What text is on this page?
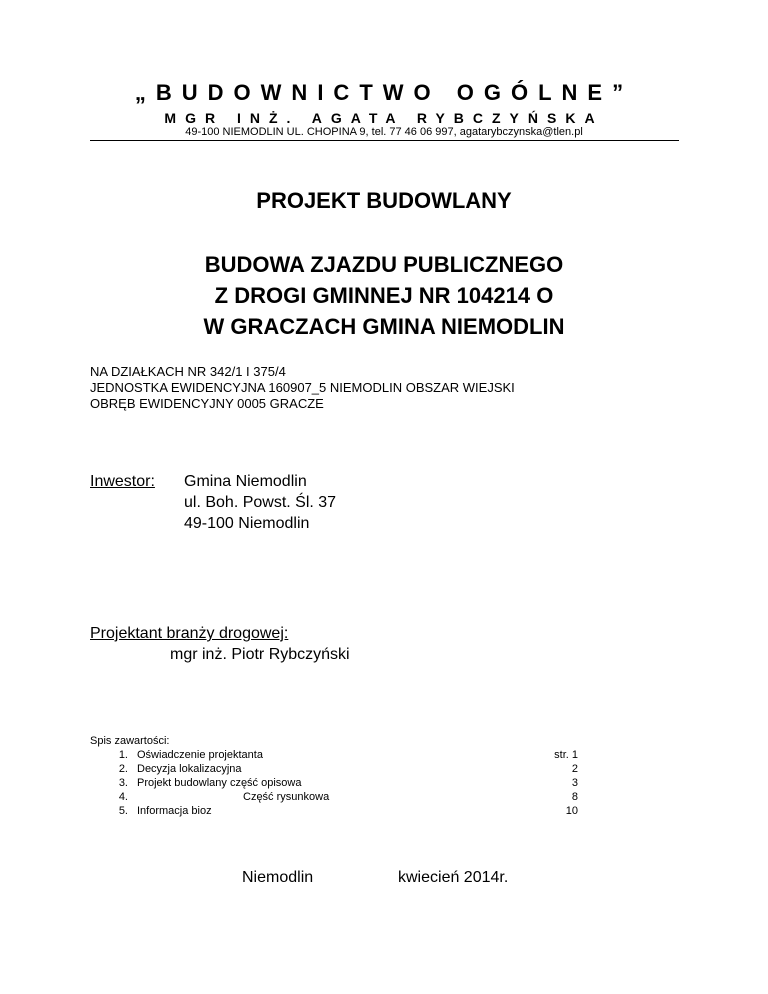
„BUDOWNICTWO OGÓLNE”
MGR INŻ. AGATA RYBCZYŃSKA
49-100 NIEMODLIN UL. CHOPINA 9, tel. 77 46 06 997, agatarybczynska@tlen.pl
PROJEKT BUDOWLANY
BUDOWA ZJAZDU PUBLICZNEGO
Z DROGI GMINNEJ NR 104214 O
W GRACZACH GMINA NIEMODLIN
NA DZIAŁKACH NR 342/1 I 375/4
JEDNOSTKA EWIDENCYJNA 160907_5 NIEMODLIN OBSZAR WIEJSKI
OBRĘB EWIDENCYJNY 0005 GRACZE
Inwestor: Gmina Niemodlin
ul. Boh. Powst. Śl. 37
49-100 Niemodlin
Projektant branży drogowej:
mgr inż. Piotr Rybczyński
Spis zawartości:
1. Oświadczenie projektanta	str. 1
2. Decyzja lokalizacyjna	2
3. Projekt budowlany część opisowa	3
4.	Część rysunkowa	8
5. Informacja bioz	10
Niemodlin	kwiecień 2014r.
